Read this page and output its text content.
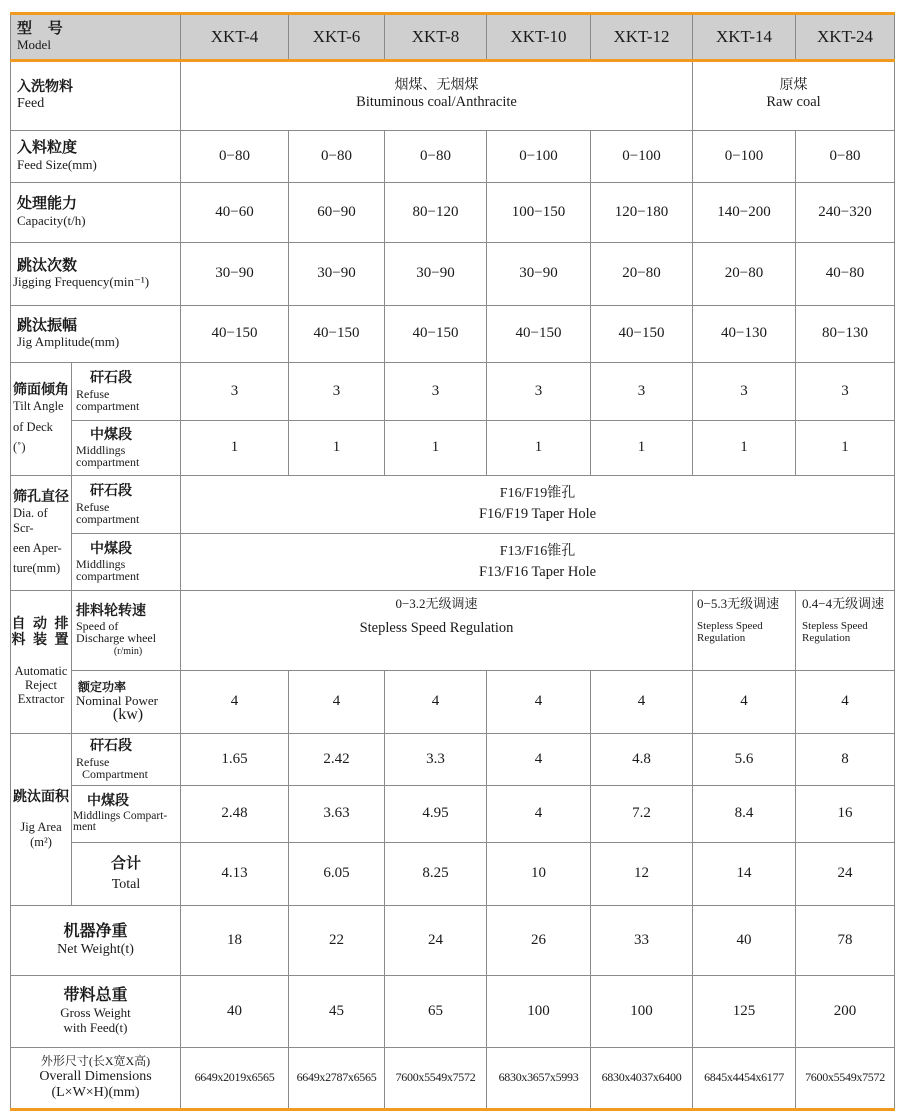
型 号
Model		XKT-4	XKT-6	XKT-8	XKT-10	XKT-12	XKT-14	XKT-24

入洗物料
Feed		烟煤、无烟煤
Bituminous coal/Anthracite					原煤
Raw coal	

入料粒度
Feed Size(mm)		0−80	0−80	0−80	0−100	0−100	0−100	0−80

处理能力
Capacity(t/h)		40−60	60−90	80−120	100−150	120−180	140−200	240−320

跳汰次数
Jigging Frequency(min⁻¹)		30−90	30−90	30−90	30−90	20−80	20−80	40−80

跳汰振幅
Jig Amplitude(mm)		40−150	40−150	40−150	40−150	40−150	40−130	80−130

筛面倾角
Tilt Angle
of Deck
(˚)	矸石段
Refuse
compartment	3	3	3	3	3	3	3

	中煤段
Middlings
compartment	1	1	1	1	1	1	1

筛孔直径
Dia. of Scr-
een Aper-
ture(mm)	矸石段
Refuse
compartment	F16/F19锥孔
F16/F19 Taper Hole						

	中煤段
Middlings
compartment	F13/F16锥孔
F13/F16 Taper Hole						

自 动 排
料 装 置
Automatic
Reject
Extractor	排料轮转速
Speed of
Discharge wheel
(r/min)	0−3.2无级调速
Stepless Speed Regulation					0−5.3无级调速
Stepless Speed Regulation	0.4−4无级调速
Stepless Speed Regulation

	额定功率
Nominal Power
(kw)	4	4	4	4	4	4	4

跳汰面积
Jig Area
(m²)	矸石段
Refuse
Compartment	1.65	2.42	3.3	4	4.8	5.6	8

	中煤段
Middlings Compart-
ment	2.48	3.63	4.95	4	7.2	8.4	16

	合计
Total	4.13	6.05	8.25	10	12	14	24

机器净重
Net Weight(t)		18	22	24	26	33	40	78

带料总重
Gross Weight
with Feed(t)		40	45	65	100	100	125	200

外形尺寸(长X宽X高)
Overall Dimensions
(L×W×H)(mm)		6649x2019x6565	6649x2787x6565	7600x5549x7572	6830x3657x5993	6830x4037x6400	6845x4454x6177	7600x5549x7572
